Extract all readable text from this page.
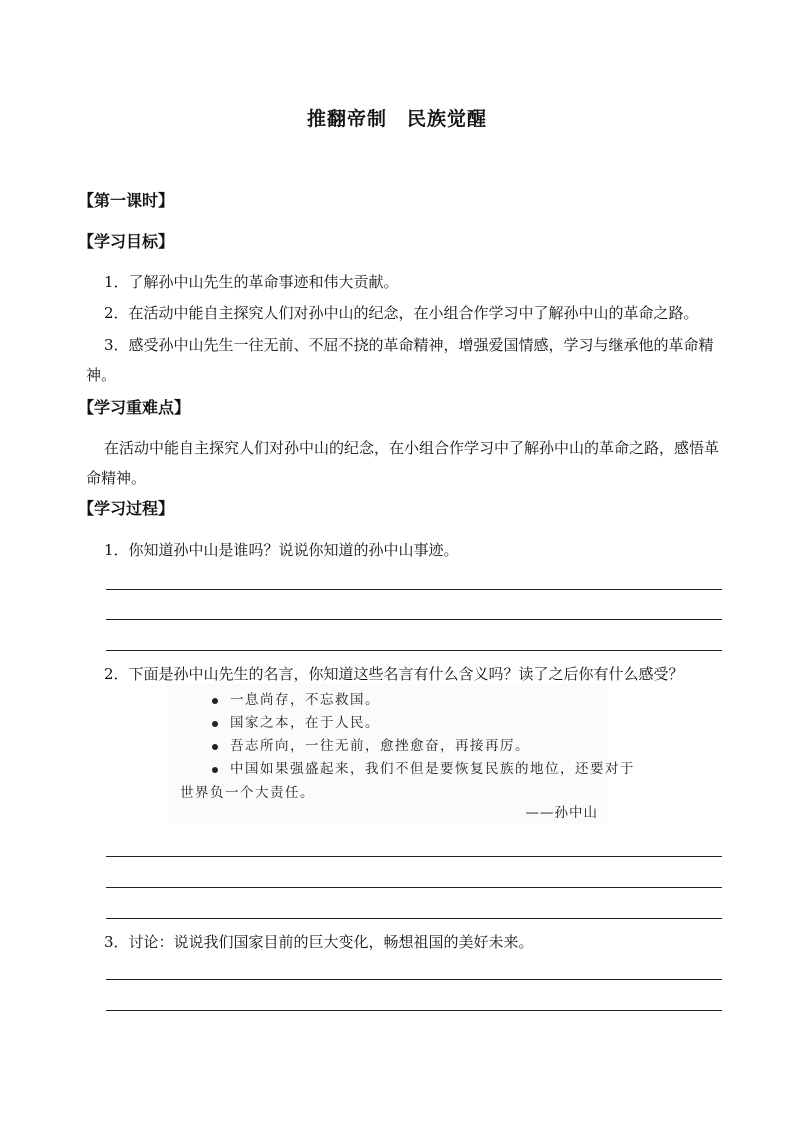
推翻帝制　民族觉醒
【第一课时】
【学习目标】
1．了解孙中山先生的革命事迹和伟大贡献。
2．在活动中能自主探究人们对孙中山的纪念，在小组合作学习中了解孙中山的革命之路。
3．感受孙中山先生一往无前、不屈不挠的革命精神，增强爱国情感，学习与继承他的革命精神。
【学习重难点】
在活动中能自主探究人们对孙中山的纪念，在小组合作学习中了解孙中山的革命之路，感悟革命精神。
【学习过程】
1．你知道孙中山是谁吗？说说你知道的孙中山事迹。
2．下面是孙中山先生的名言，你知道这些名言有什么含义吗？读了之后你有什么感受？
一息尚存，不忘救国。
国家之本，在于人民。
吾志所向，一往无前，愈挫愈奋，再接再厉。
中国如果强盛起来，我们不但是要恢复民族的地位，还要对于
世界负一个大责任。
——孙中山
3．讨论：说说我们国家目前的巨大变化，畅想祖国的美好未来。
